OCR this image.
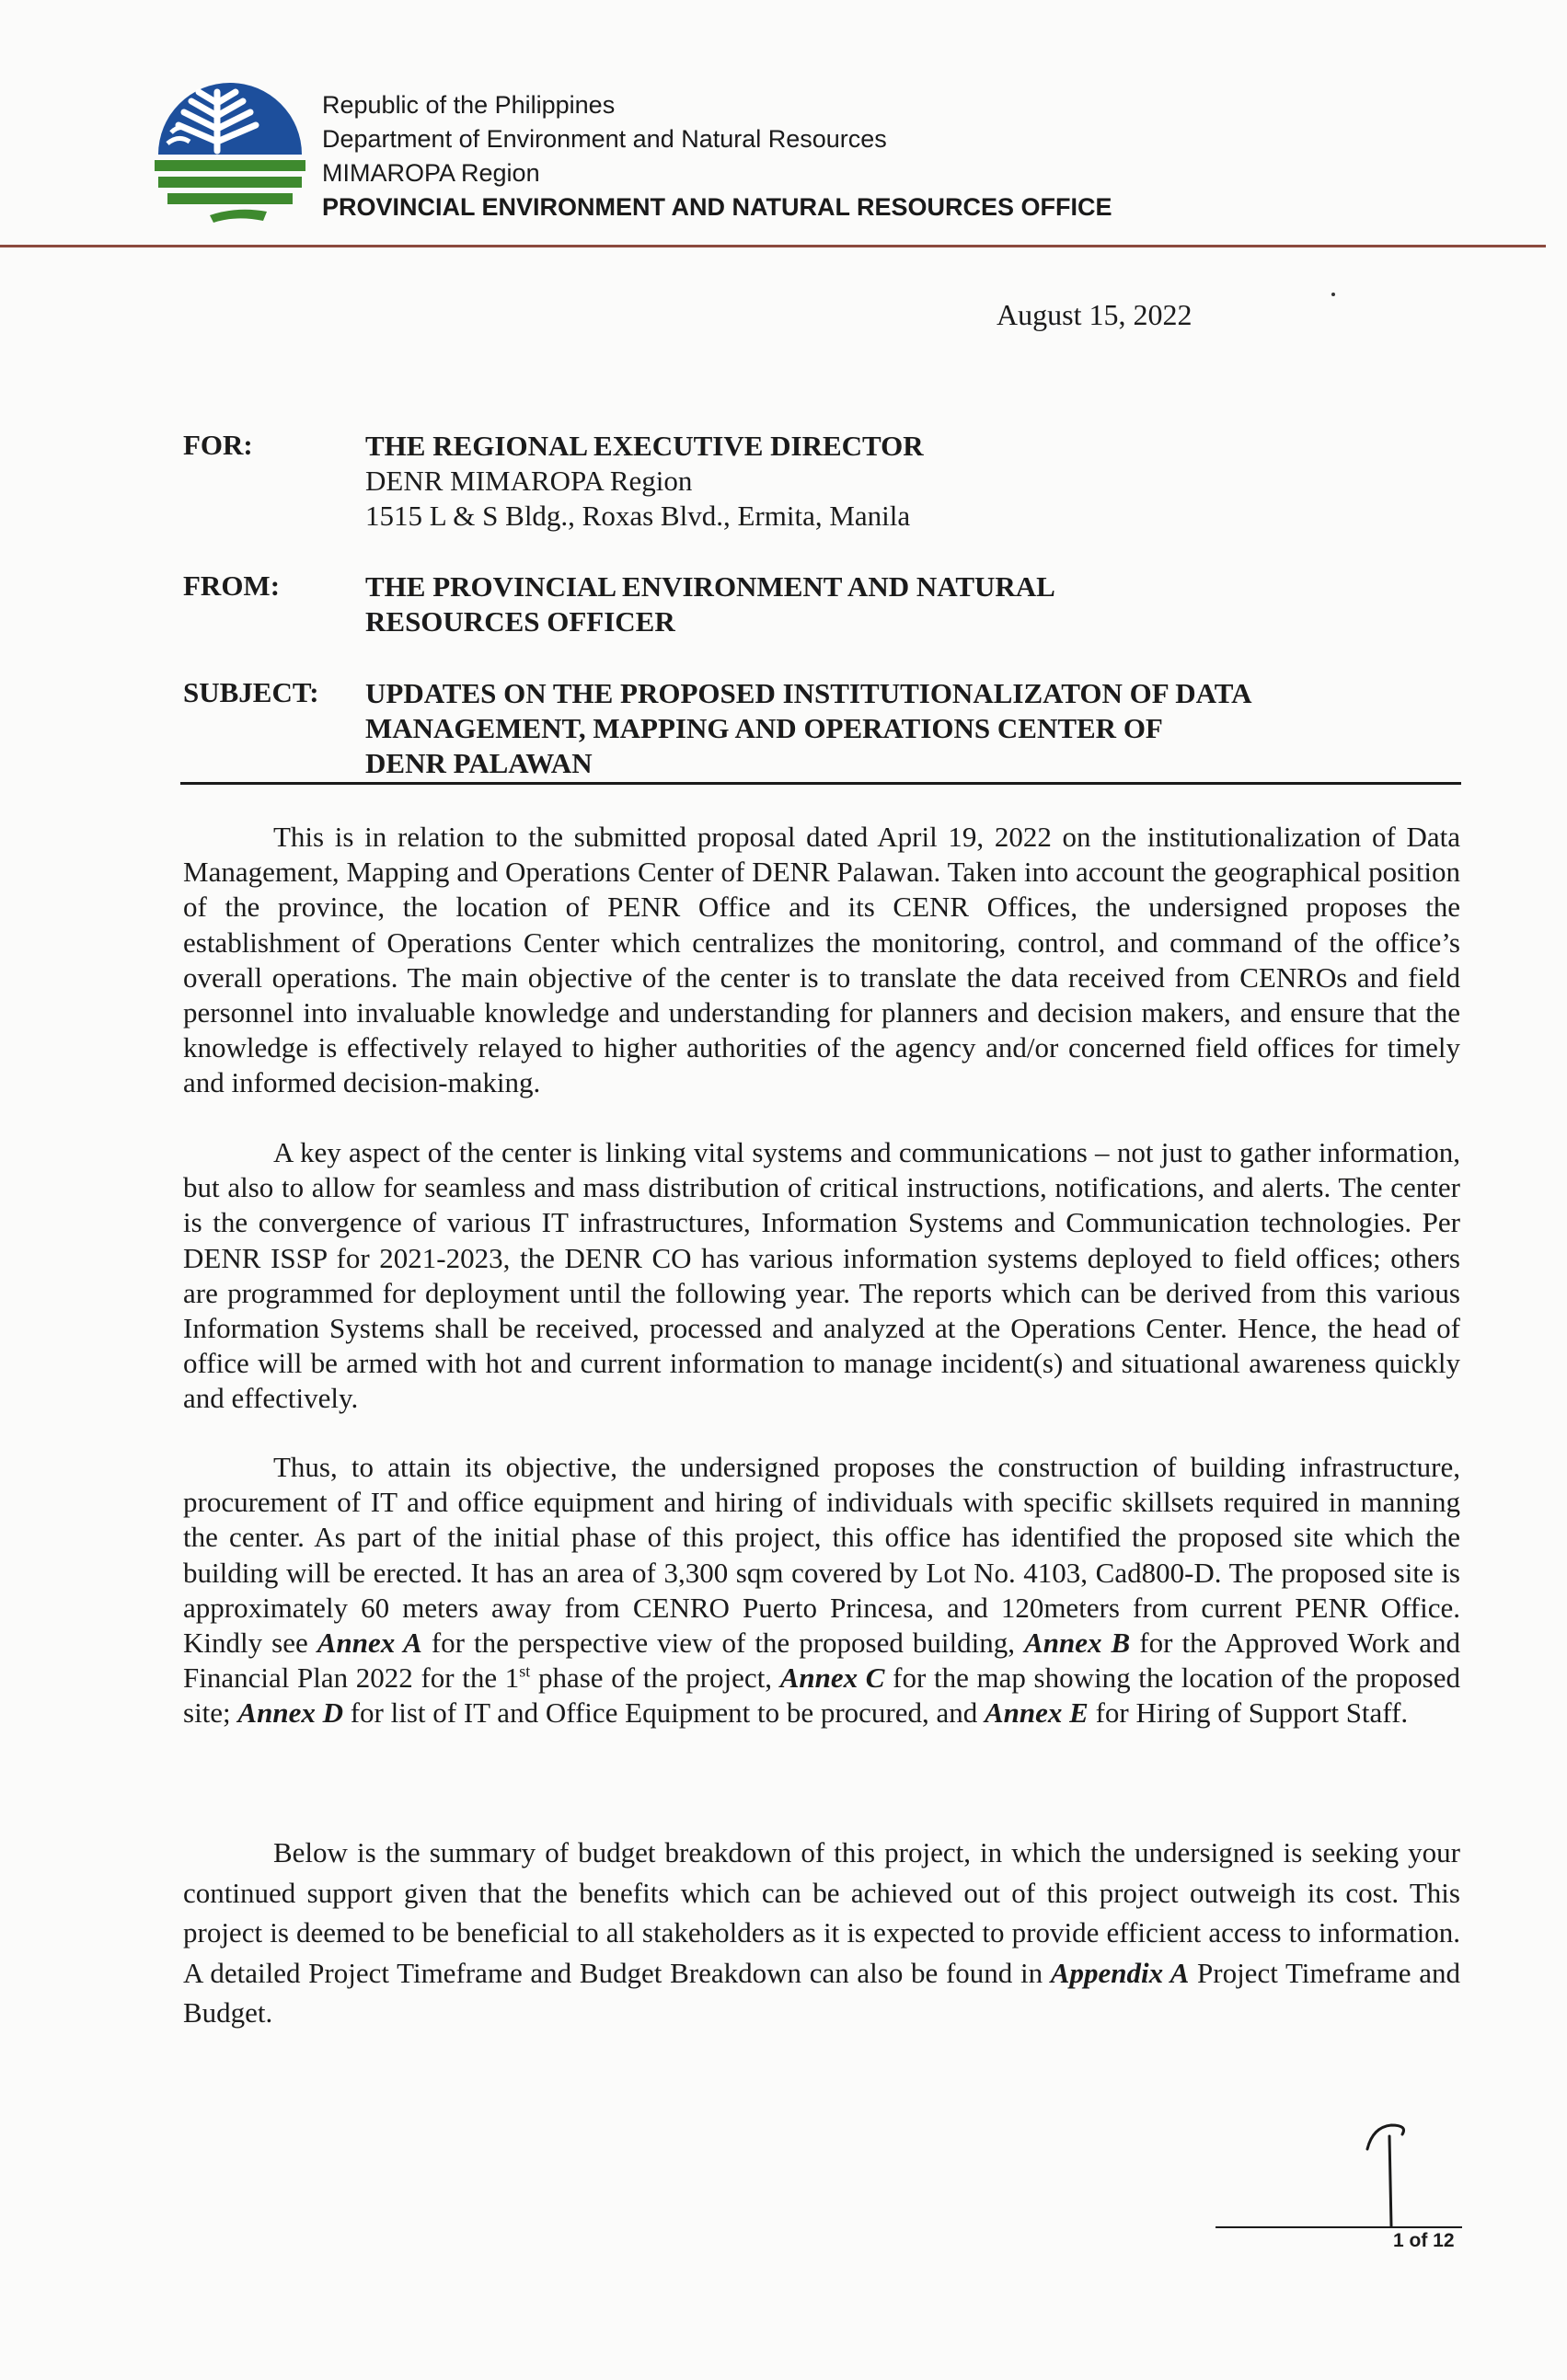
Republic of the Philippines
Department of Environment and Natural Resources
MIMAROPA Region
PROVINCIAL ENVIRONMENT AND NATURAL RESOURCES OFFICE
August 15, 2022
FOR:	THE REGIONAL EXECUTIVE DIRECTOR
DENR MIMAROPA Region
1515 L & S Bldg., Roxas Blvd., Ermita, Manila
FROM:	THE PROVINCIAL ENVIRONMENT AND NATURAL
RESOURCES OFFICER
SUBJECT: UPDATES ON THE PROPOSED INSTITUTIONALIZATON OF DATA
MANAGEMENT, MAPPING AND OPERATIONS CENTER OF
DENR PALAWAN

This is in relation to the submitted proposal dated April 19, 2022 on the institutionalization of Data Management, Mapping and Operations Center of DENR Palawan. Taken into account the geographical position of the province, the location of PENR Office and its CENR Offices, the undersigned proposes the establishment of Operations Center which centralizes the monitoring, control, and command of the office’s overall operations. The main objective of the center is to translate the data received from CENROs and field personnel into invaluable knowledge and understanding for planners and decision makers, and ensure that the knowledge is effectively relayed to higher authorities of the agency and/or concerned field offices for timely and informed decision-making.

A key aspect of the center is linking vital systems and communications – not just to gather information, but also to allow for seamless and mass distribution of critical instructions, notifications, and alerts. The center is the convergence of various IT infrastructures, Information Systems and Communication technologies. Per DENR ISSP for 2021-2023, the DENR CO has various information systems deployed to field offices; others are programmed for deployment until the following year. The reports which can be derived from this various Information Systems shall be received, processed and analyzed at the Operations Center. Hence, the head of office will be armed with hot and current information to manage incident(s) and situational awareness quickly and effectively.

Thus, to attain its objective, the undersigned proposes the construction of building infrastructure, procurement of IT and office equipment and hiring of individuals with specific skillsets required in manning the center. As part of the initial phase of this project, this office has identified the proposed site which the building will be erected. It has an area of 3,300 sqm covered by Lot No. 4103, Cad800-D. The proposed site is approximately 60 meters away from CENRO Puerto Princesa, and 120meters from current PENR Office. Kindly see Annex A for the perspective view of the proposed building, Annex B for the Approved Work and Financial Plan 2022 for the 1st phase of the project, Annex C for the map showing the location of the proposed site; Annex D for list of IT and Office Equipment to be procured, and Annex E for Hiring of Support Staff.

Below is the summary of budget breakdown of this project, in which the undersigned is seeking your continued support given that the benefits which can be achieved out of this project outweigh its cost. This project is deemed to be beneficial to all stakeholders as it is expected to provide efficient access to information. A detailed Project Timeframe and Budget Breakdown can also be found in Appendix A Project Timeframe and Budget.

1 of 12
